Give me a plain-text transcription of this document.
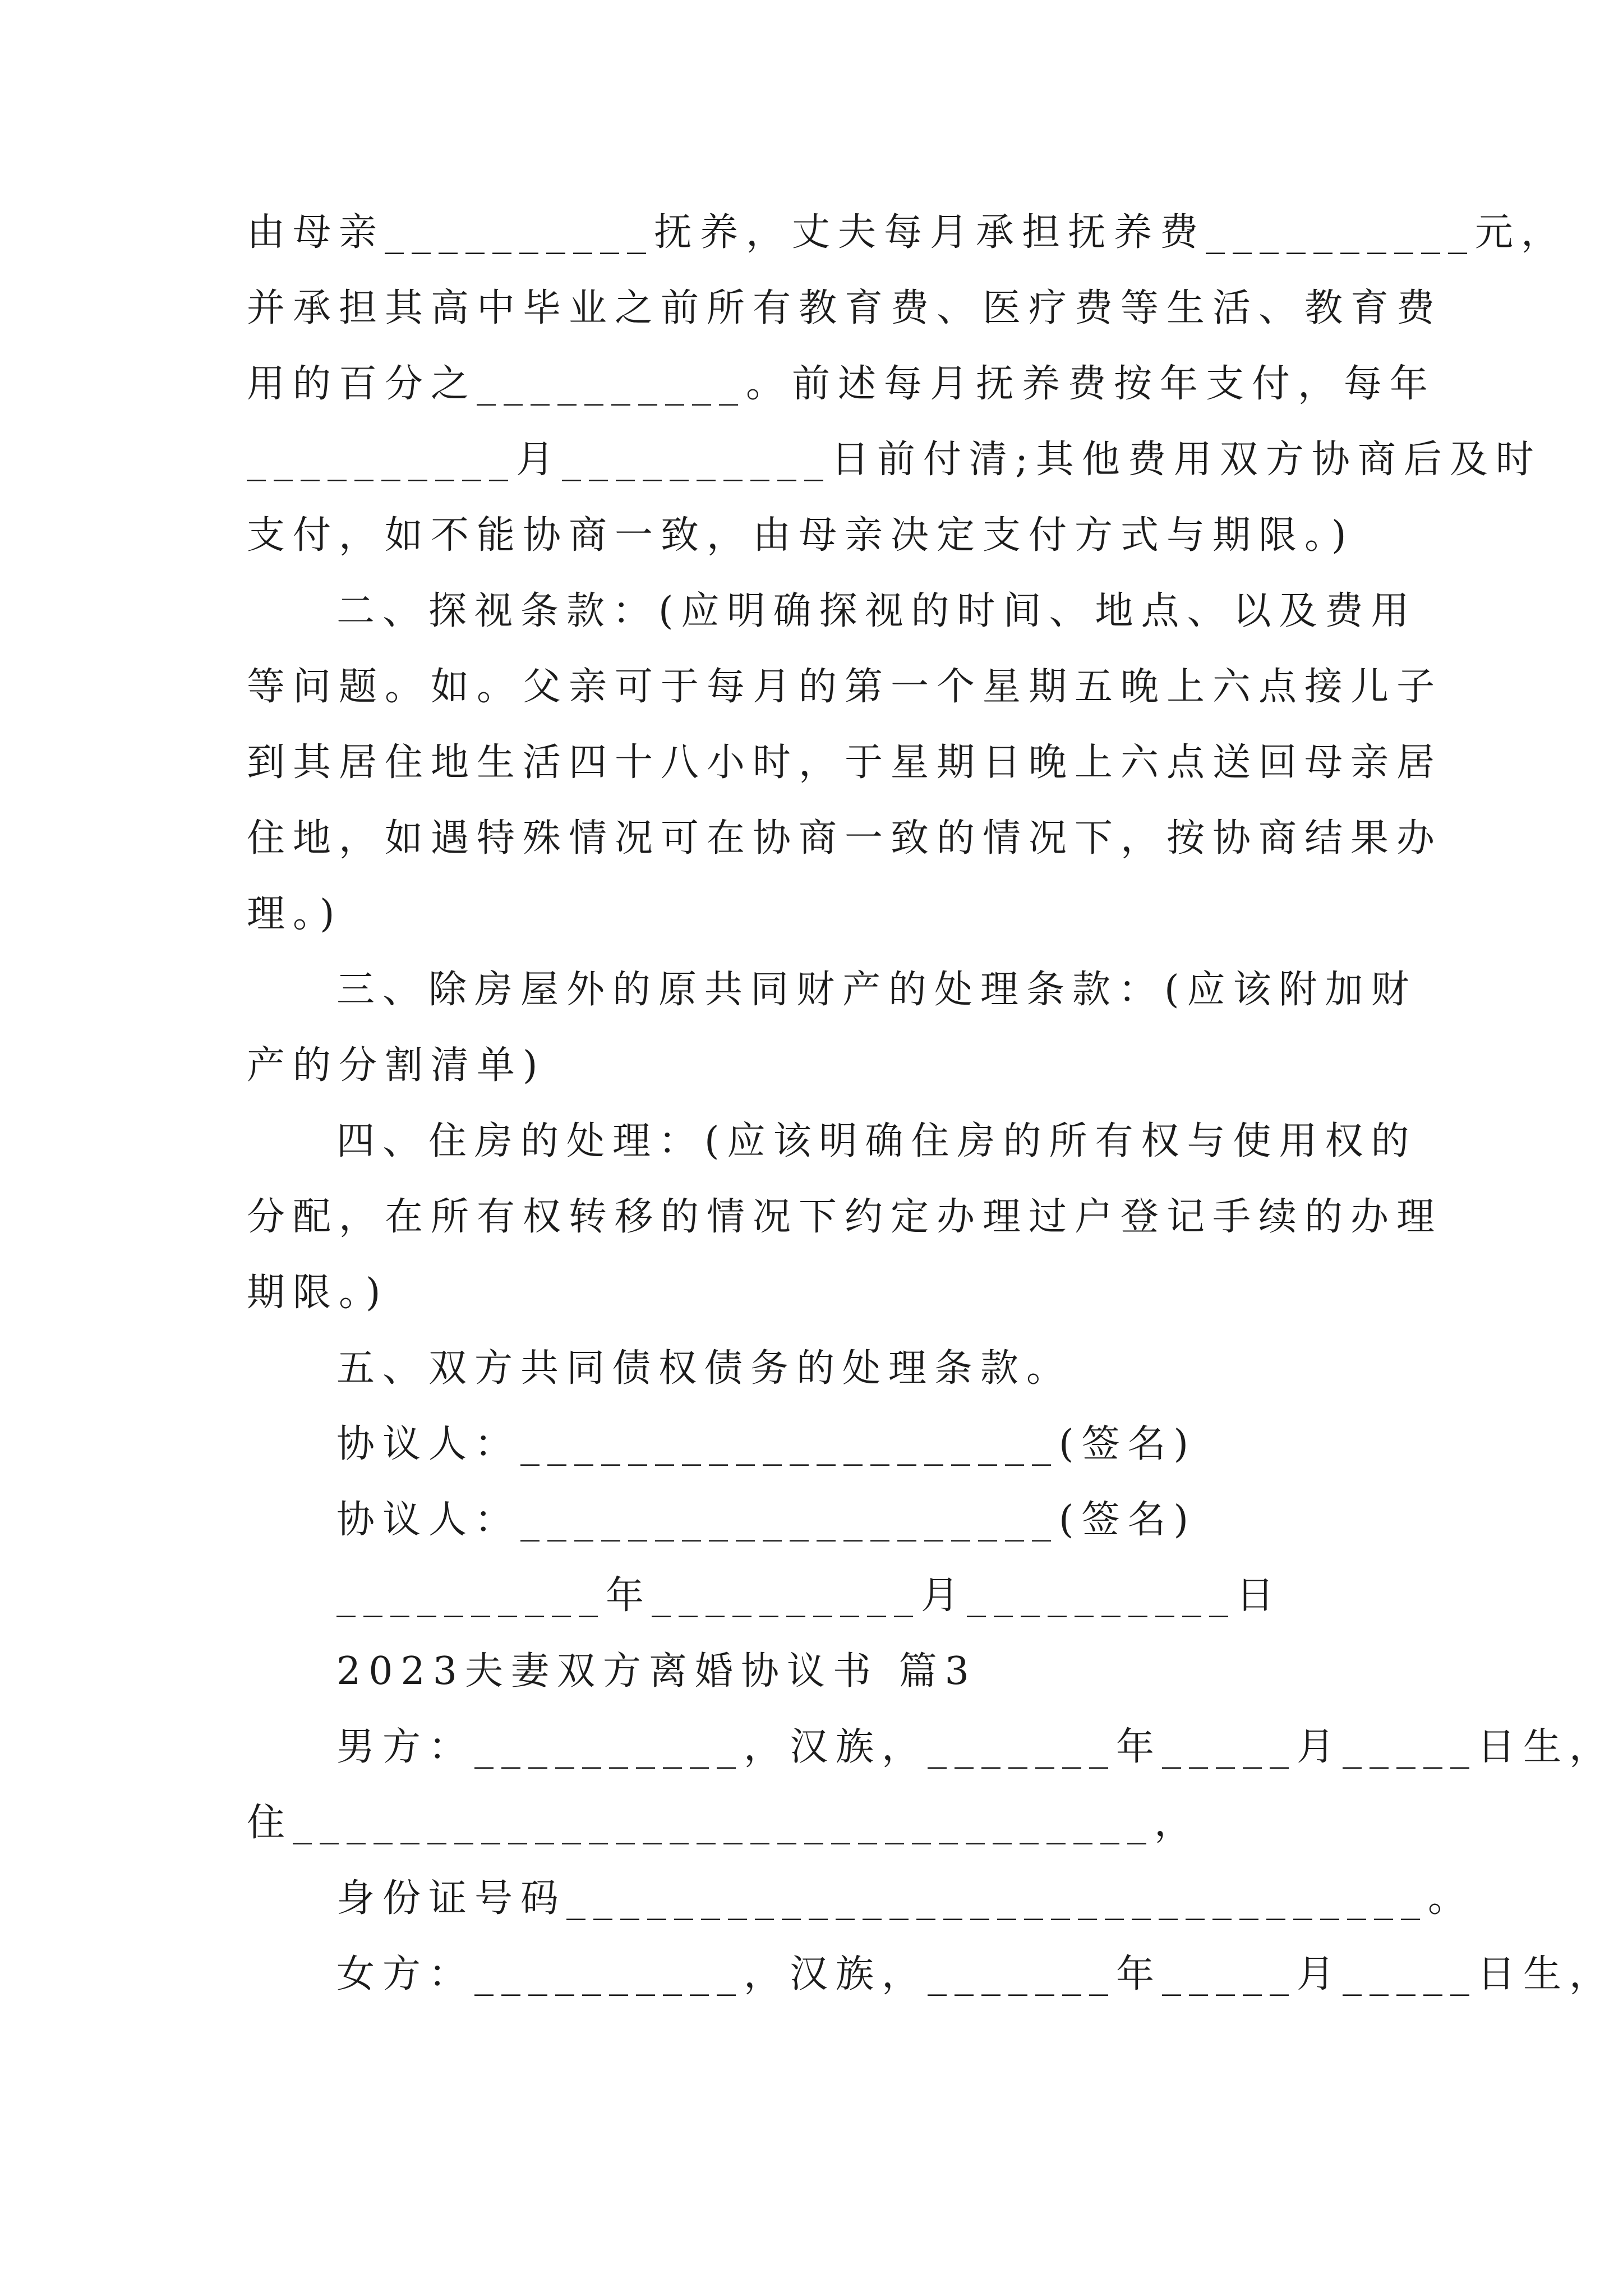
由母亲__________抚养，丈夫每月承担抚养费__________元，
并承担其高中毕业之前所有教育费、医疗费等生活、教育费
用的百分之__________。前述每月抚养费按年支付，每年
__________月__________日前付清;其他费用双方协商后及时
支付，如不能协商一致，由母亲决定支付方式与期限。)
二、探视条款：(应明确探视的时间、地点、以及费用
等问题。如。父亲可于每月的第一个星期五晚上六点接儿子
到其居住地生活四十八小时，于星期日晚上六点送回母亲居
住地，如遇特殊情况可在协商一致的情况下，按协商结果办
理。)
三、除房屋外的原共同财产的处理条款：(应该附加财
产的分割清单)
四、住房的处理：(应该明确住房的所有权与使用权的
分配，在所有权转移的情况下约定办理过户登记手续的办理
期限。)
五、双方共同债权债务的处理条款。
协议人：____________________(签名)
协议人：____________________(签名)
__________年__________月__________日
2023夫妻双方离婚协议书 篇3
男方：__________，汉族，_______年_____月_____日生，
住________________________________，
身份证号码________________________________。
女方：__________，汉族，_______年_____月_____日生，
